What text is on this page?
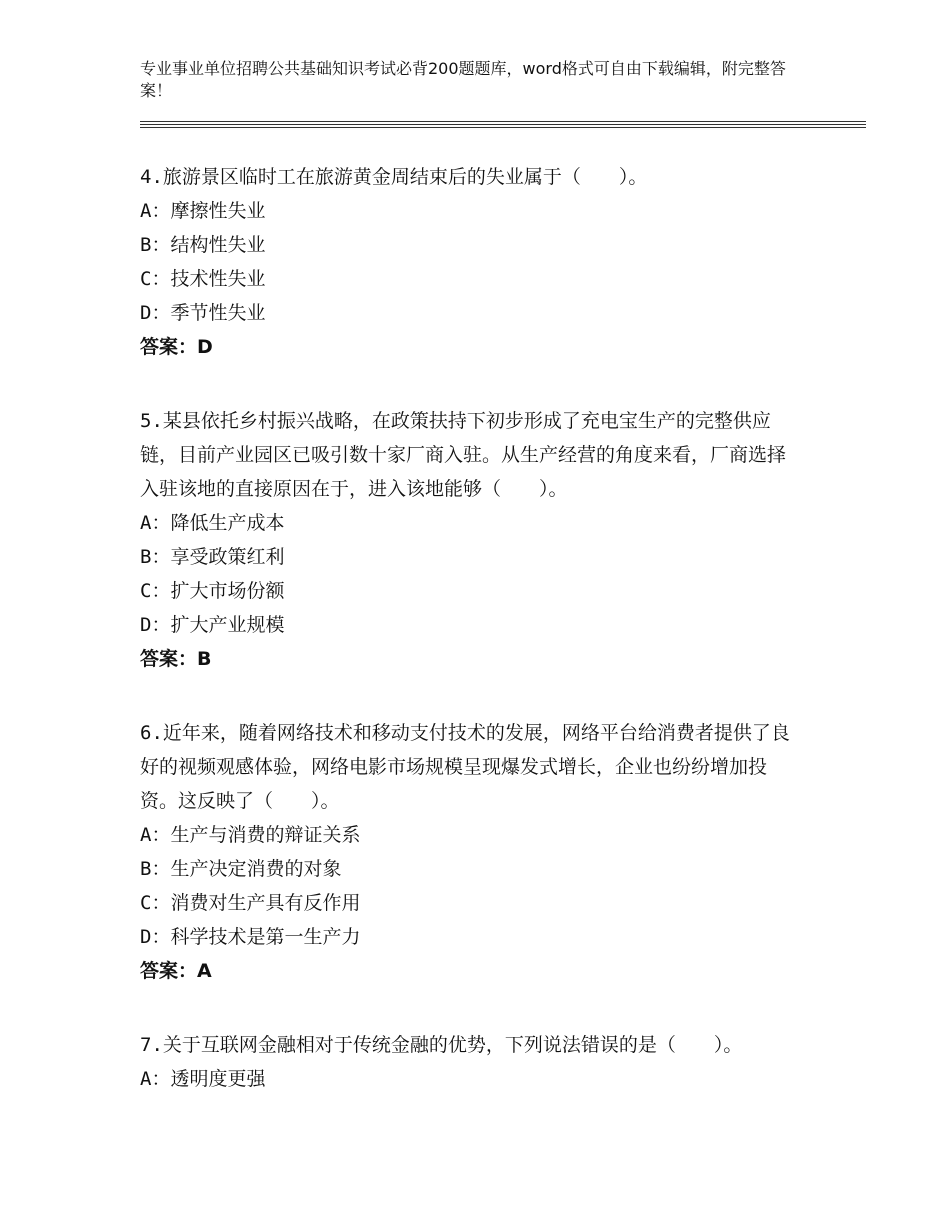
专业事业单位招聘公共基础知识考试必背200题题库，word格式可自由下载编辑，附完整答案！

4.旅游景区临时工在旅游黄金周结束后的失业属于（　　）。

A：摩擦性失业

B：结构性失业

C：技术性失业

D：季节性失业

答案：D

5.某县依托乡村振兴战略，在政策扶持下初步形成了充电宝生产的完整供应链，目前产业园区已吸引数十家厂商入驻。从生产经营的角度来看，厂商选择入驻该地的直接原因在于，进入该地能够（　　）。

A：降低生产成本

B：享受政策红利

C：扩大市场份额

D：扩大产业规模

答案：B

6.近年来，随着网络技术和移动支付技术的发展，网络平台给消费者提供了良好的视频观感体验，网络电影市场规模呈现爆发式增长，企业也纷纷增加投资。这反映了（　　）。

A：生产与消费的辩证关系

B：生产决定消费的对象

C：消费对生产具有反作用

D：科学技术是第一生产力

答案：A

7.关于互联网金融相对于传统金融的优势，下列说法错误的是（　　）。

A：透明度更强
